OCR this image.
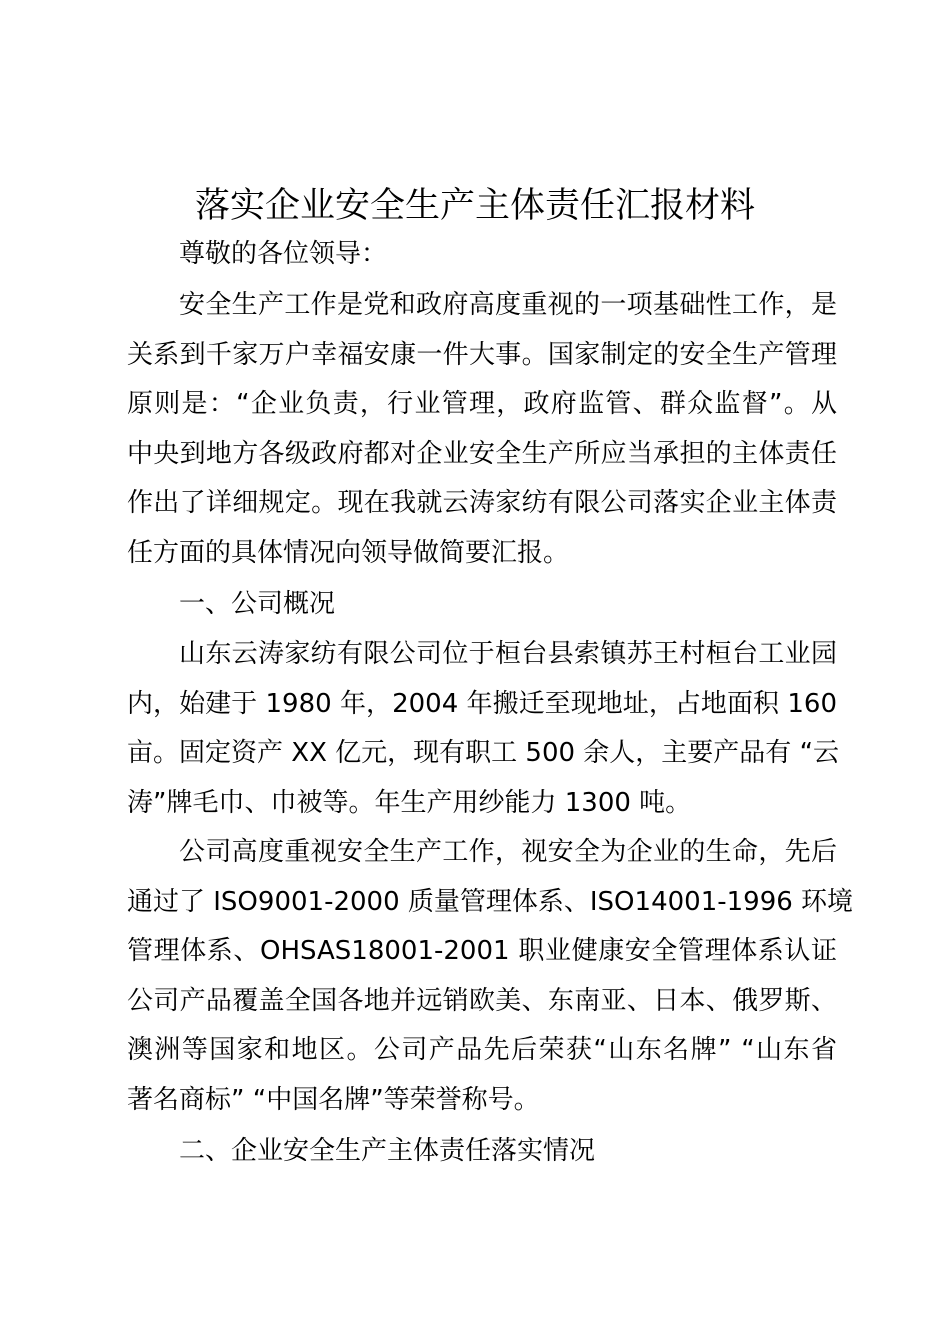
落实企业安全生产主体责任汇报材料
尊敬的各位领导：
安全生产工作是党和政府高度重视的一项基础性工作，是
关系到千家万户幸福安康一件大事。国家制定的安全生产管理
原则是：“企业负责，行业管理，政府监管、群众监督”。从
中央到地方各级政府都对企业安全生产所应当承担的主体责任
作出了详细规定。现在我就云涛家纺有限公司落实企业主体责
任方面的具体情况向领导做简要汇报。
一、公司概况
山东云涛家纺有限公司位于桓台县索镇苏王村桓台工业园
内，始建于 1980 年，2004 年搬迁至现地址，占地面积 160
亩。固定资产 XX 亿元，现有职工 500 余人，主要产品有 “云
涛”牌毛巾、巾被等。年生产用纱能力 1300 吨。
公司高度重视安全生产工作，视安全为企业的生命，先后
通过了 ISO9001-2000 质量管理体系、ISO14001-1996 环境
管理体系、OHSAS18001-2001 职业健康安全管理体系认证
公司产品覆盖全国各地并远销欧美、东南亚、日本、俄罗斯、
澳洲等国家和地区。公司产品先后荣获“山东名牌” “山东省
著名商标” “中国名牌”等荣誉称号。
二、企业安全生产主体责任落实情况
